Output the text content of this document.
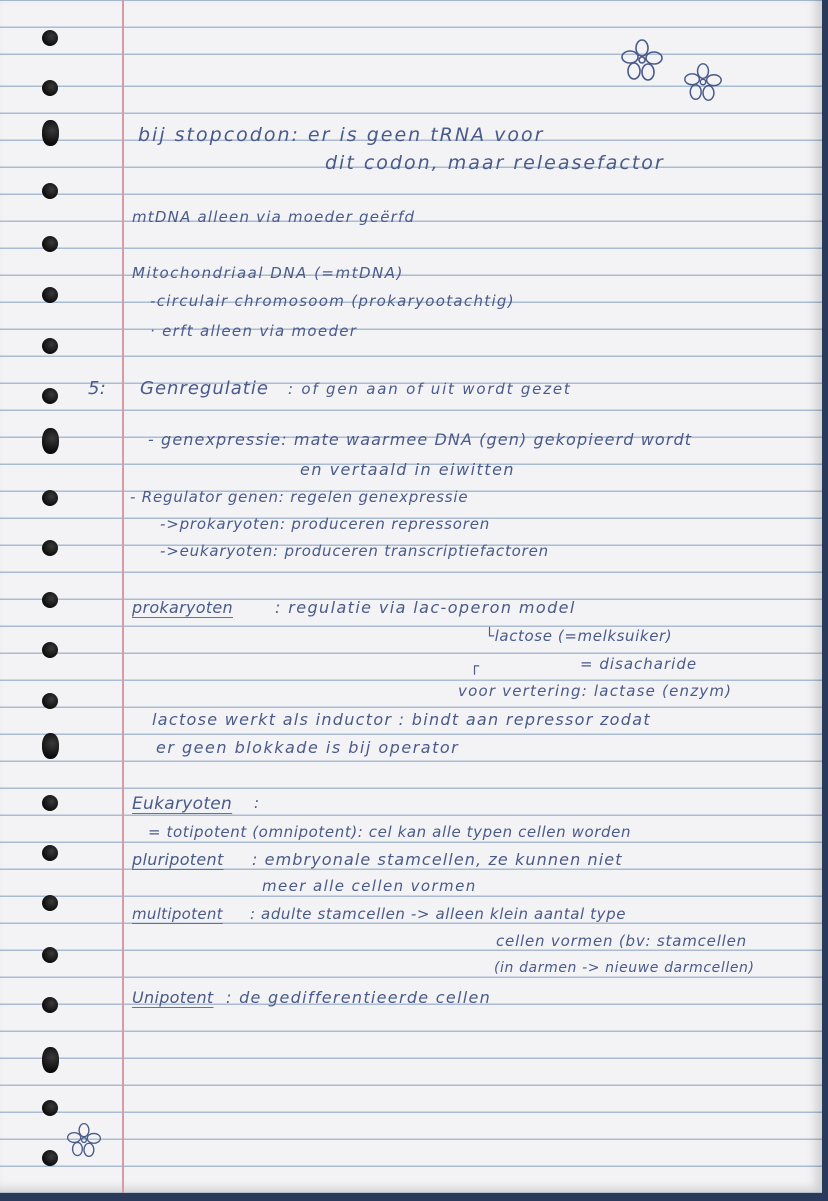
bij stopcodon: er is geen tRNA voor
dit codon, maar releasefactor
mtDNA alleen via moeder geërfd
Mitochondriaal DNA (=mtDNA)
-circulair chromosoom (prokaryootachtig)
· erft alleen via moeder
5: Genregulatie : of gen aan of uit wordt gezet
- genexpressie: mate waarmee DNA (gen) gekopieerd wordt
en vertaald in eiwitten
- Regulator genen: regelen genexpressie
->prokaryoten: produceren repressoren
->eukaryoten: produceren transcriptiefactoren
prokaryoten	: regulatie via lac-operon model
└lactose (=melksuiker)
= disacharide
┌
voor vertering: lactase (enzym)
lactose werkt als inductor : bindt aan repressor zodat
er geen blokkade is bij operator
Eukaryoten :
= totipotent (omnipotent): cel kan alle typen cellen worden
pluripotent : embryonale stamcellen, ze kunnen niet
meer alle cellen vormen
multipotent : adulte stamcellen -> alleen klein aantal type
cellen vormen (bv: stamcellen
(in darmen -> nieuwe darmcellen)
Unipotent : de gedifferentieerde cellen
